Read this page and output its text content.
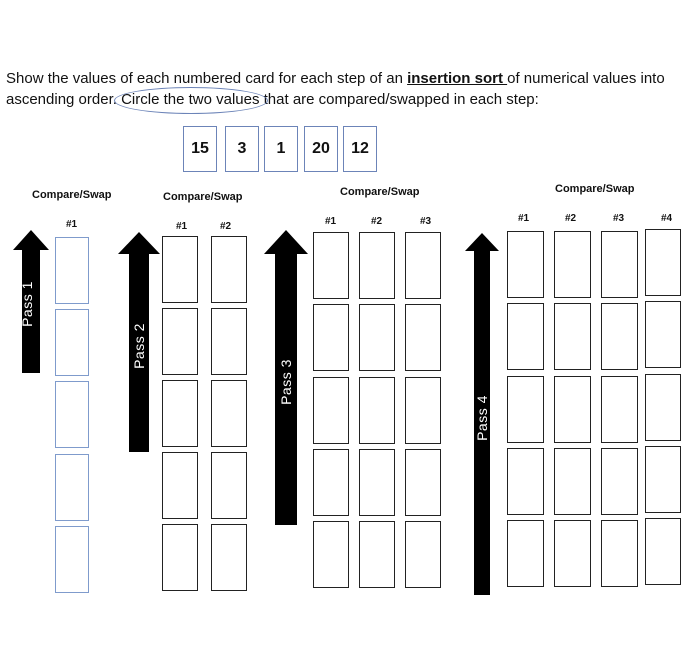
Show the values of each numbered card for each step of an insertion sort of numerical values into

ascending order. Circle the two values that are compared/swapped in each step:

15	3	1	20	12
Compare/Swap
#1
Pass 1
Compare/Swap
#1	#2
Pass 2
Compare/Swap
#1	#2	#3
Pass 3
Compare/Swap
#1	#2	#3	#4
Pass 4
